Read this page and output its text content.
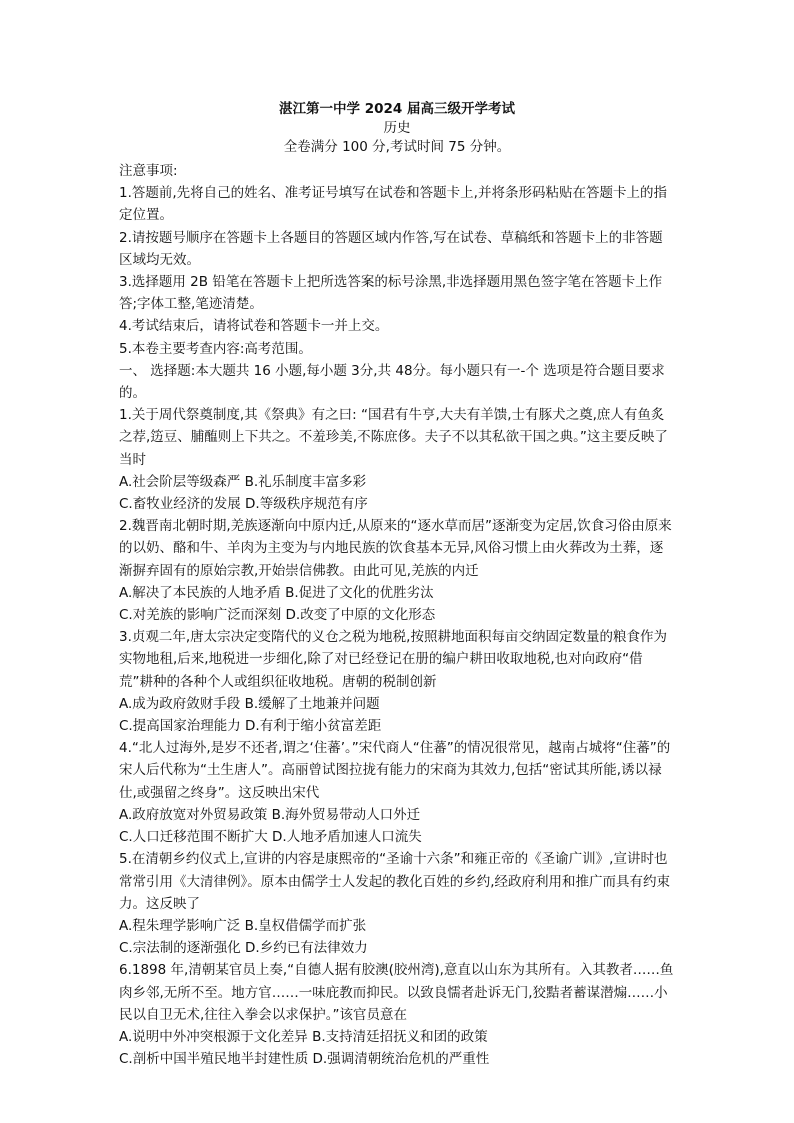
湛江第一中学 2024 届高三级开学考试
历史
全卷满分 100 分,考试时间 75 分钟。
注意事项:
1.答题前,先将自己的姓名、准考证号填写在试卷和答题卡上,并将条形码粘贴在答题卡上的指定位置。
2.请按题号顺序在答题卡上各题目的答题区域内作答,写在试卷、草稿纸和答题卡上的非答题区域均无效。
3.选择题用 2B 铅笔在答题卡上把所选答案的标号涂黑,非选择题用黑色签字笔在答题卡上作答;字体工整,笔迹清楚。
4.考试结束后，请将试卷和答题卡一并上交。
5.本卷主要考查内容:高考范围。
一、 选择题:本大题共 16 小题,每小题 3分,共 48分。每小题只有一-个 选项是符合题目要求的。
1.关于周代祭奠制度,其《祭典》有之曰: “国君有牛亨,大夫有羊馈,士有豚犬之奠,庶人有鱼炙之荐,笾豆、脯醢则上下共之。不羞珍美,不陈庶侈。夫子不以其私欲干国之典。”这主要反映了当时
A.社会阶层等级森严 B.礼乐制度丰富多彩
C.畜牧业经济的发展 D.等级秩序规范有序
2.魏晋南北朝时期,羌族逐渐向中原内迁,从原来的“逐水草而居”逐渐变为定居,饮食习俗由原来的以奶、酪和牛、羊肉为主变为与内地民族的饮食基本无异,风俗习惯上由火葬改为土葬，逐渐摒弃固有的原始宗教,开始崇信佛教。由此可见,羌族的内迁
A.解决了本民族的人地矛盾 B.促进了文化的优胜劣汰
C.对羌族的影响广泛而深刻 D.改变了中原的文化形态
3.贞观二年,唐太宗决定变隋代的义仓之税为地税,按照耕地面积每亩交纳固定数量的粮食作为实物地租,后来,地税进一步细化,除了对已经登记在册的编户耕田收取地税,也对向政府“借荒”耕种的各种个人或组织征收地税。唐朝的税制创新
A.成为政府敛财手段 B.缓解了土地兼并问题
C.提高国家治理能力 D.有利于缩小贫富差距
4.“北人过海外,是岁不还者,谓之‘住蕃’。”宋代商人“住蕃”的情况很常见，越南占城将“住蕃”的宋人后代称为“土生唐人”。高丽曾试图拉拢有能力的宋商为其效力,包括“密试其所能,诱以禄仕,或强留之终身”。这反映出宋代
A.政府放宽对外贸易政策 B.海外贸易带动人口外迁
C.人口迁移范围不断扩大 D.人地矛盾加速人口流失
5.在清朝乡约仪式上,宣讲的内容是康熙帝的“圣谕十六条”和雍正帝的《圣谕广训》,宣讲时也常常引用《大清律例》。原本由儒学士人发起的教化百姓的乡约,经政府利用和推广而具有约束力。这反映了
A.程朱理学影响广泛 B.皇权借儒学而扩张
C.宗法制的逐渐强化 D.乡约已有法律效力
6.1898 年,清朝某官员上奏,“自德人据有胶澳(胶州湾),意直以山东为其所有。入其教者……鱼肉乡邻,无所不至。地方官……一味庇教而抑民。以致良懦者赴诉无门,狡黠者蓄谋潜煽……小民以自卫无术,往往入拳会以求保护。”该官员意在
A.说明中外冲突根源于文化差异 B.支持清廷招抚义和团的政策
C.剖析中国半殖民地半封建性质 D.强调清朝统治危机的严重性
